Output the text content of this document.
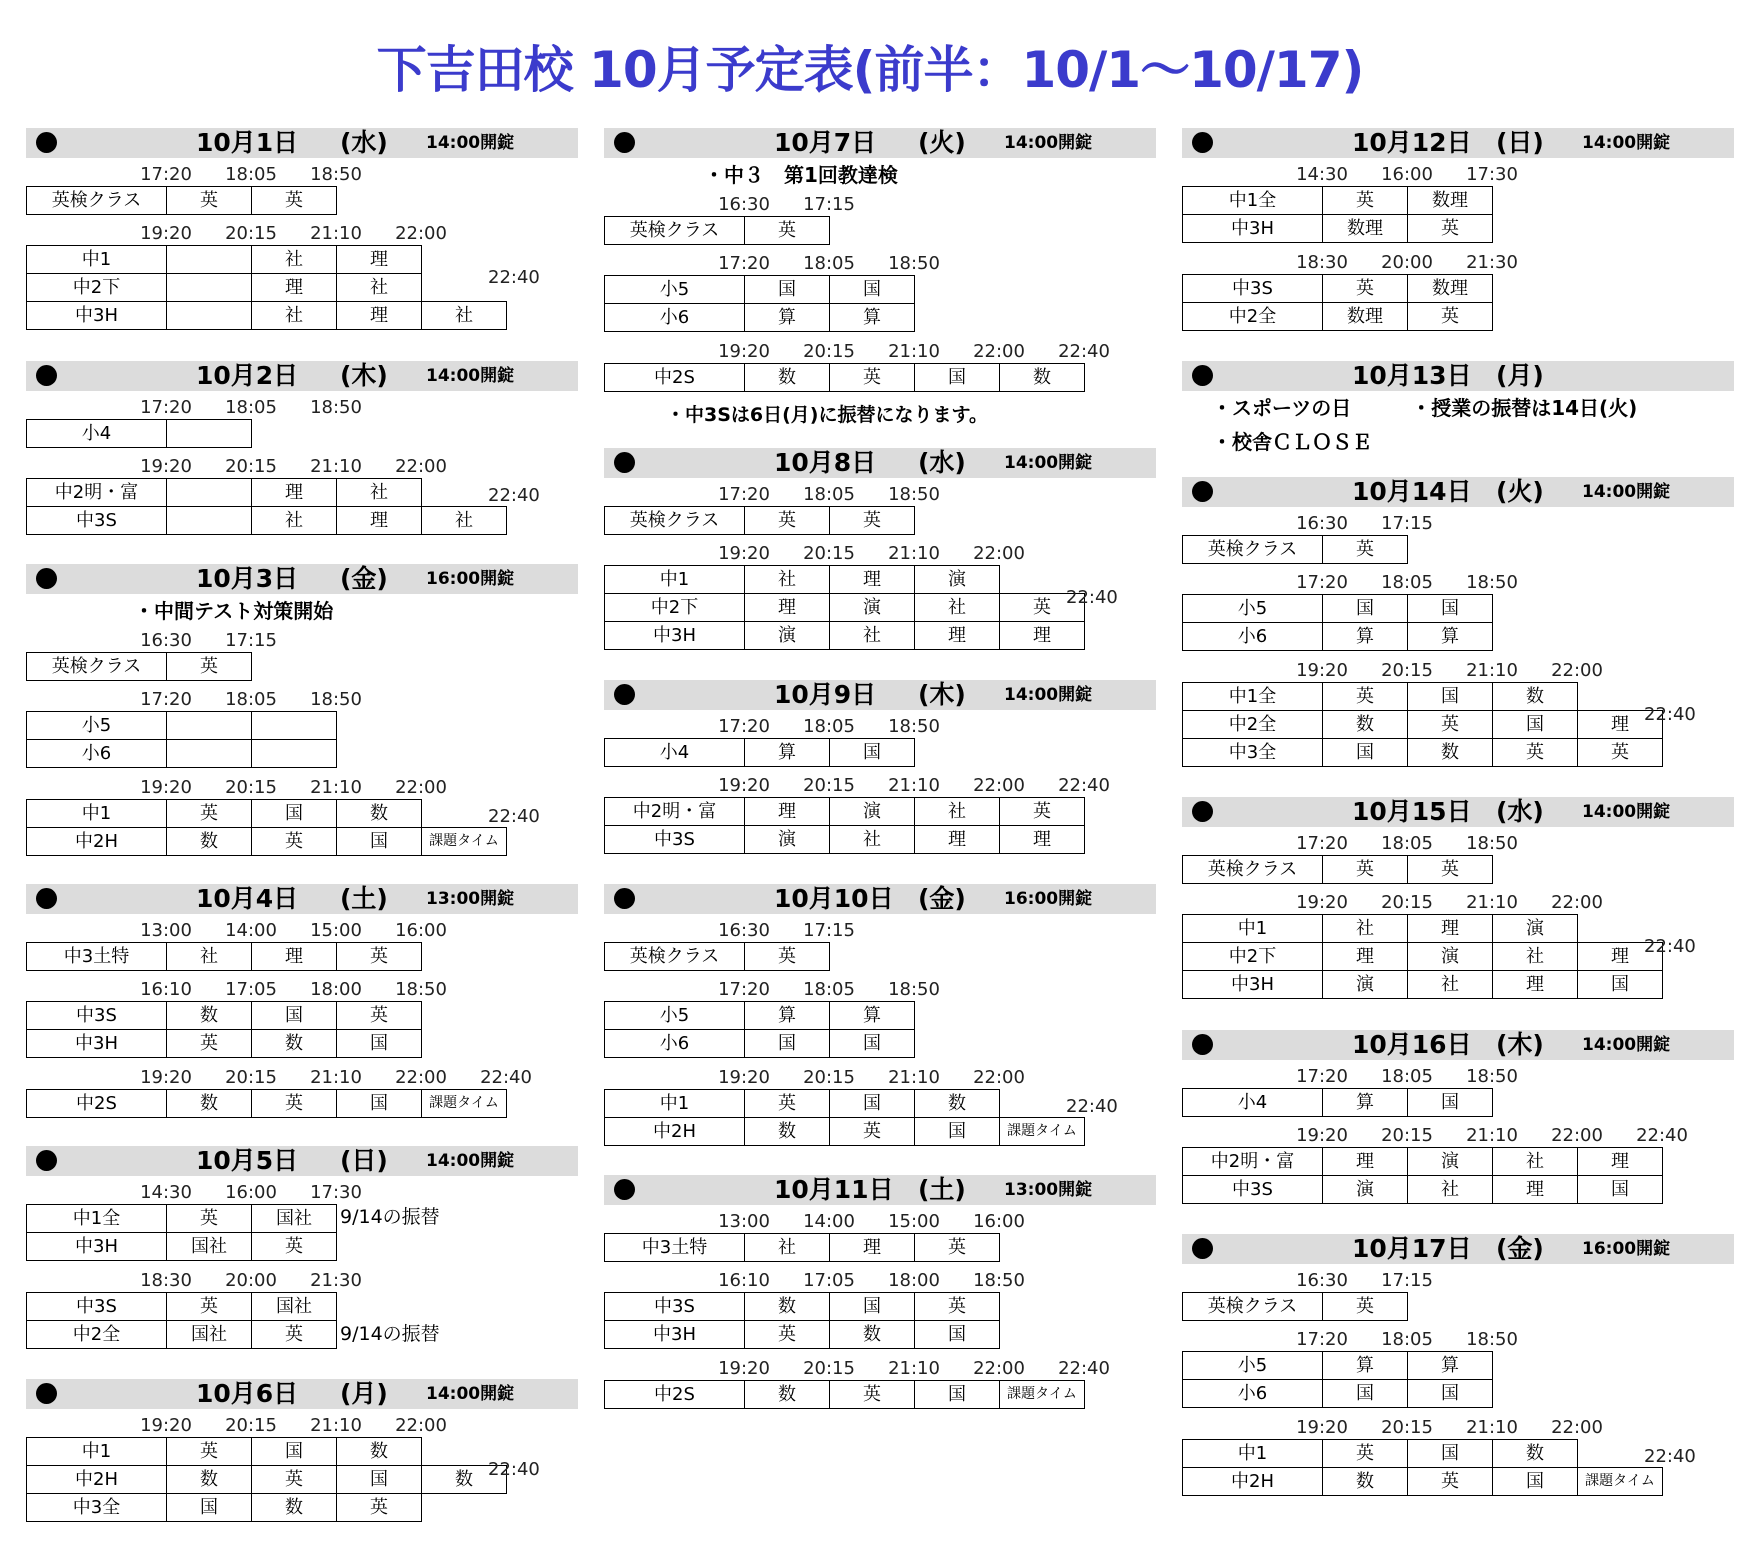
下吉田校 10月予定表(前半：10/1〜10/17)
10月1日 (水) 14:00開錠
17:20 18:05 18:50
英検クラス	英	英
19:20 20:15 21:10 22:00
中1		社	理	
中2下		理	社	
中3H		社	理	社
22:40
10月2日 (木) 14:00開錠
17:20 18:05 18:50
小4	
19:20 20:15 21:10 22:00
中2明・富		理	社	
中3S		社	理	社
22:40
10月3日 (金) 16:00開錠
・中間テスト対策開始
16:30 17:15
英検クラス	英
17:20 18:05 18:50
小5		
小6		
19:20 20:15 21:10 22:00
中1	英	国	数	
中2H	数	英	国	課題タイム
22:40
10月4日 (土) 13:00開錠
13:00 14:00 15:00 16:00
中3土特	社	理	英
16:10 17:05 18:00 18:50
中3S	数	国	英
中3H	英	数	国
19:20 20:15 21:10 22:00 22:40
中2S	数	英	国	課題タイム
10月5日 (日) 14:00開錠
14:30 16:00 17:30
中1全	英	国社
中3H	国社	英
9/14の振替
18:30 20:00 21:30
中3S	英	国社
中2全	国社	英 9/14の振替
10月6日 (月) 14:00開錠
19:20 20:15 21:10 22:00
中1	英	国	数	
中2H	数	英	国	数
中3全	国	数	英	
22:40
10月7日 (火) 14:00開錠
・中３　第1回教達検
16:30 17:15
英検クラス	英
17:20 18:05 18:50
小5	国	国
小6	算	算
19:20 20:15 21:10 22:00 22:40
中2S	数	英	国	数
・中3Sは6日(月)に振替になります。
10月8日 (水) 14:00開錠
17:20 18:05 18:50
英検クラス	英	英
19:20 20:15 21:10 22:00
中1	社	理	演	
中2下	理	演	社	英
中3H	演	社	理	理
22:40
10月9日 (木) 14:00開錠
17:20 18:05 18:50
小4	算	国
19:20 20:15 21:10 22:00 22:40
中2明・富	理	演	社	英
中3S	演	社	理	理
10月10日 (金) 16:00開錠
16:30 17:15
英検クラス	英
17:20 18:05 18:50
小5	算	算
小6	国	国
19:20 20:15 21:10 22:00
中1	英	国	数	
中2H	数	英	国	課題タイム
22:40
10月11日 (土) 13:00開錠
13:00 14:00 15:00 16:00
中3土特	社	理	英
16:10 17:05 18:00 18:50
中3S	数	国	英
中3H	英	数	国
19:20 20:15 21:10 22:00 22:40
中2S	数	英	国	課題タイム
10月12日 (日) 14:00開錠
14:30 16:00 17:30
中1全	英	数理
中3H	数理	英
18:30 20:00 21:30
中3S	英	数理
中2全	数理	英
10月13日 (月)
・スポーツの日　　　・授業の振替は14日(火)
・校舎ＣＬＯＳＥ
10月14日 (火) 14:00開錠
16:30 17:15
英検クラス	英
17:20 18:05 18:50
小5	国	国
小6	算	算
19:20 20:15 21:10 22:00
中1全	英	国	数	
中2全	数	英	国	理
中3全	国	数	英	英
22:40
10月15日 (水) 14:00開錠
17:20 18:05 18:50
英検クラス	英	英
19:20 20:15 21:10 22:00
中1	社	理	演	
中2下	理	演	社	理
中3H	演	社	理	国
22:40
10月16日 (木) 14:00開錠
17:20 18:05 18:50
小4	算	国
19:20 20:15 21:10 22:00 22:40
中2明・富	理	演	社	理
中3S	演	社	理	国
10月17日 (金) 16:00開錠
16:30 17:15
英検クラス	英
17:20 18:05 18:50
小5	算	算
小6	国	国
19:20 20:15 21:10 22:00
中1	英	国	数	
中2H	数	英	国	課題タイム
22:40
